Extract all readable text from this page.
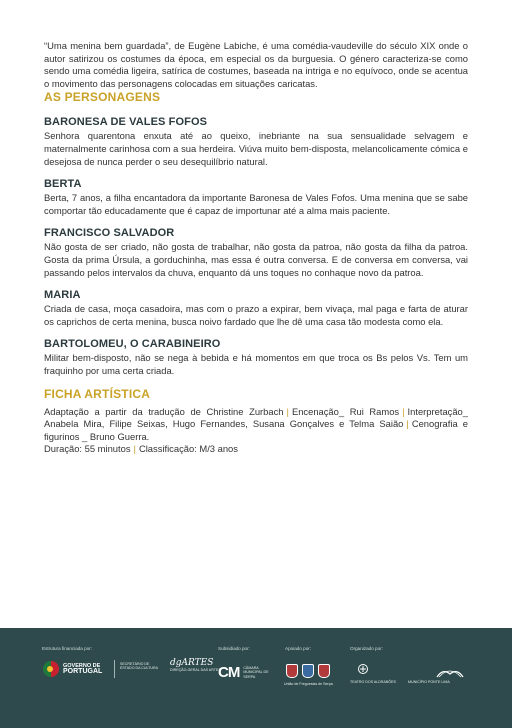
“Uma menina bem guardada”, de Eugène Labiche, é uma comédia-vaudeville do século XIX onde o autor satirizou os costumes da época, em especial os da burguesia. O género caracteriza-se como sendo uma comédia ligeira, satírica de costumes, baseada na intriga e no equívoco, onde se acentua o movimento das personagens colocadas em situações caricatas.

AS PERSONAGENS
BARONESA DE VALES FOFOS

Senhora quarentona enxuta até ao queixo, inebriante na sua sensualidade selvagem e maternalmente carinhosa com a sua herdeira. Viúva muito bem-disposta, melancolicamente cómica e desejosa de nunca perder o seu desequilíbrio natural.

BERTA

Berta, 7 anos, a filha encantadora da importante Baronesa de Vales Fofos. Uma menina que se sabe comportar tão educadamente que é capaz de importunar até a alma mais paciente.

FRANCISCO SALVADOR

Não gosta de ser criado, não gosta de trabalhar, não gosta da patroa, não gosta da filha da patroa. Gosta da prima Úrsula, a gorduchinha, mas essa é outra conversa. E de conversa em conversa, vai passando pelos intervalos da chuva, enquanto dá uns toques no conhaque novo da patroa.

MARIA

Criada de casa, moça casadoira, mas com o prazo a expirar, bem vivaça, mal paga e farta de aturar os caprichos de certa menina, busca noivo fardado que lhe dê uma casa tão modesta como ela.

BARTOLOMEU, O CARABINEIRO

Militar bem-disposto, não se nega à bebida e há momentos em que troca os Bs pelos Vs. Tem um fraquinho por uma certa criada.

FICHA ARTÍSTICA

Adaptação a partir da tradução de Christine Zurbach | Encenação_ Rui Ramos | Interpretação_ Anabela Mira, Filipe Seixas, Hugo Fernandes, Susana Gonçalves e Telma Saião | Cenografia e figurinos _ Bruno Guerra.

Duração: 55 minutos | Classificação: M/3 anos

Estrutura financiada por:	Subsidiado por:	Apoiado por:	Organizado por:
GOVERNO DE
PORTUGAL
SECRETÁRIO DE ESTADO DA CULTURA
dgARTES
DIREÇÃO-GERAL DAS ARTES
CM CÂMARA MUNICIPAL DE SERPA
União de Freguesias de Serpa	TEATRO DOS ALDRABÕES	MUNICÍPIO PONTE LIMA
